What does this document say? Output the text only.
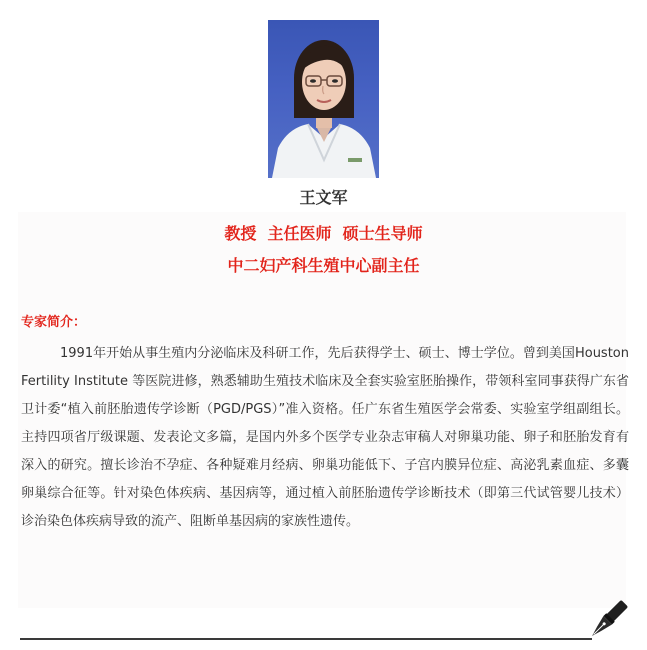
王文军
教授  主任医师  硕士生导师
中二妇产科生殖中心副主任
专家简介：

1991年开始从事生殖内分泌临床及科研工作，先后获得学士、硕士、博士学位。曾到美国Houston Fertility Institute 等医院进修，熟悉辅助生殖技术临床及全套实验室胚胎操作，带领科室同事获得广东省卫计委“植入前胚胎遗传学诊断（PGD/PGS）”准入资格。任广东省生殖医学会常委、实验室学组副组长。主持四项省厅级课题、发表论文多篇，是国内外多个医学专业杂志审稿人对卵巢功能、卵子和胚胎发育有深入的研究。擅长诊治不孕症、各种疑难月经病、卵巢功能低下、子宫内膜异位症、高泌乳素血症、多囊卵巢综合征等。针对染色体疾病、基因病等，通过植入前胚胎遗传学诊断技术（即第三代试管婴儿技术）诊治染色体疾病导致的流产、阻断单基因病的家族性遗传。
